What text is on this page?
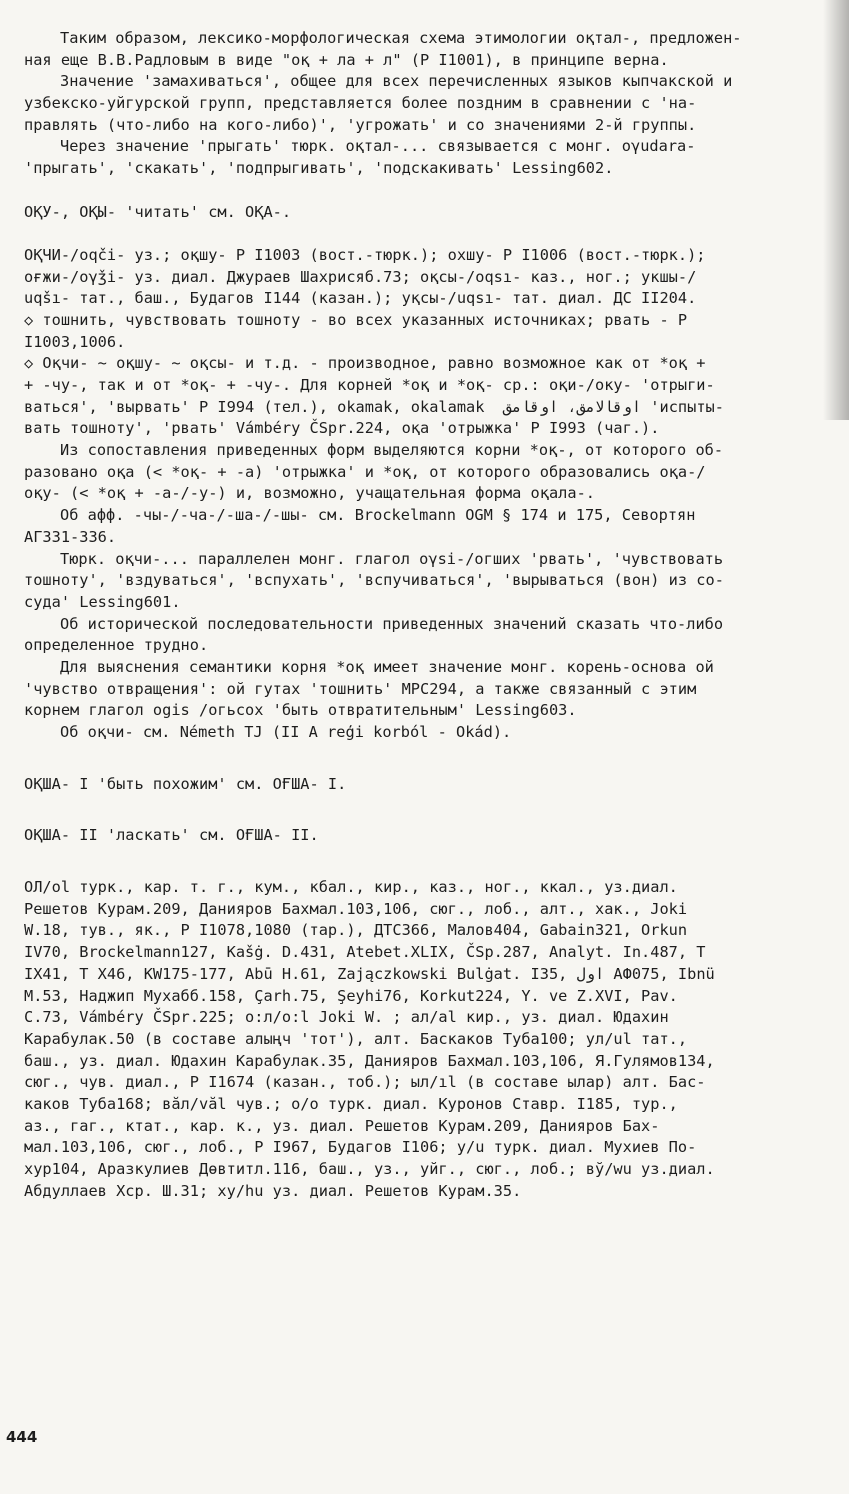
Таким образом, лексико-морфологическая схема этимологии оқтал-, предложен-
ная еще В.В.Радловым в виде "оқ + ла + л" (Р I1001), в принципе верна.
Значение 'замахиваться', общее для всех перечисленных языков кыпчакской и
узбекско-уйгурской групп, представляется более поздним в сравнении с 'на-
правлять (что-либо на кого-либо)', 'угрожать' и со значениями 2-й группы.
Через значение 'прыгать' тюрк. оқтал-... связывается с монг. oγudara-
'прыгать', 'скакать', 'подпрыгивать', 'подскакивать' Lessing602.
ОҚУ-, ОҚЫ- 'читать' см. ОҚА-.
ОҚЧИ-/oqči- уз.; оқшу- Р I1003 (вост.-тюрк.); охшу- Р I1006 (вост.-тюрк.);
оғжи-/oγǯi- уз. диал. Джураев Шахрисяб.73; оқсы-/oqsı- каз., ног.; укшы-/
uqšı- тат., баш., Будагов I144 (казан.); уқсы-/uqsı- тат. диал. ДС II204.
◇ тошнить, чувствовать тошноту - во всех указанных источниках; рвать - Р
I1003,1006.
◇ Оқчи- ~ оқшу- ~ оқсы- и т.д. - производное, равно возможное как от *оқ +
+ -чу-, так и от *оқ- + -чу-. Для корней *оқ и *оқ- ср.: оқи-/оку- 'отрыги-
ваться', 'вырвать' Р I994 (тел.), okamak, okalamak  اوقالامق، اوقامق 'испыты-
вать тошноту', 'рвать' Vámbéry ČSpr.224, оқа 'отрыжка' Р I993 (чаг.).
Из сопоставления приведенных форм выделяются корни *оқ-, от которого об-
разовано оқа (< *оқ- + -а) 'отрыжка' и *оқ, от которого образовались оқа-/
оқу- (< *оқ + -а-/-у-) и, возможно, учащательная форма оқала-.
Об афф. -чы-/-ча-/-ша-/-шы- см. Brockelmann OGM § 174 и 175, Севортян
АГ331-336.
Тюрк. оқчи-... параллелен монг. глагол oγsi-/огших 'рвать', 'чувствовать
тошноту', 'вздуваться', 'вспухать', 'вспучиваться', 'вырываться (вон) из со-
суда' Lessing601.
Об исторической последовательности приведенных значений сказать что-либо
определенное трудно.
Для выяснения семантики корня *оқ имеет значение монг. корень-основа ой
'чувство отвращения': ой гутах 'тошнить' МРС294, а также связанный с этим
корнем глагол ogis /огьсох 'быть отвратительным' Lessing603.
Об оқчи- см. Németh TJ (II A reģi korból - Okád).
ОҚША- I 'быть похожим' см. ОҒША- I.
ОҚША- II 'ласкать' см. ОҒША- II.
ОЛ/ol турк., кар. т. г., кум., кбал., кир., каз., ног., ккал., уз.диал.
Решетов Курам.209, Данияров Бахмал.103,106, сюг., лоб., алт., хак., Joki
W.18, тув., як., Р I1078,1080 (тар.), ДТС366, Малов404, Gabain321, Orkun
IV70, Brockelmann127, Kašġ. D.431, Atebet.XLIX, ČSp.287, Analyt. In.487, T
IX41, T X46, KW175-177, Abū H.61, Zajączkowski Bulġat. I35, اول AФ075, Ibnü
M.53, Наджип Мухабб.158, Çarh.75, Şeyhi76, Korkut224, Y. ve Z.XVI, Pav.
C.73, Vámbéry ČSpr.225; о:л/o:l Joki W. ; ал/al кир., уз. диал. Юдахин
Карабулак.50 (в составе алыңч 'тот'), алт. Баскаков Туба100; ул/ul тат.,
баш., уз. диал. Юдахин Карабулак.35, Данияров Бахмал.103,106, Я.Гулямов134,
сюг., чув. диал., Р I1674 (казан., тоб.); ыл/ıl (в составе ылар) алт. Бас-
каков Туба168; вăл/văl чув.; о/о турк. диал. Куронов Ставр. I185, тур.,
аз., гаг., ктат., кар. к., уз. диал. Решетов Курам.209, Данияров Бах-
мал.103,106, сюг., лоб., Р I967, Будагов I106; у/u турк. диал. Мухиев По-
хур104, Аразкулиев Дөвтитл.116, баш., уз., уйг., сюг., лоб.; вў/wu уз.диал.
Абдуллаев Хср. Ш.31; ху/hu уз. диал. Решетов Курам.35.
444
